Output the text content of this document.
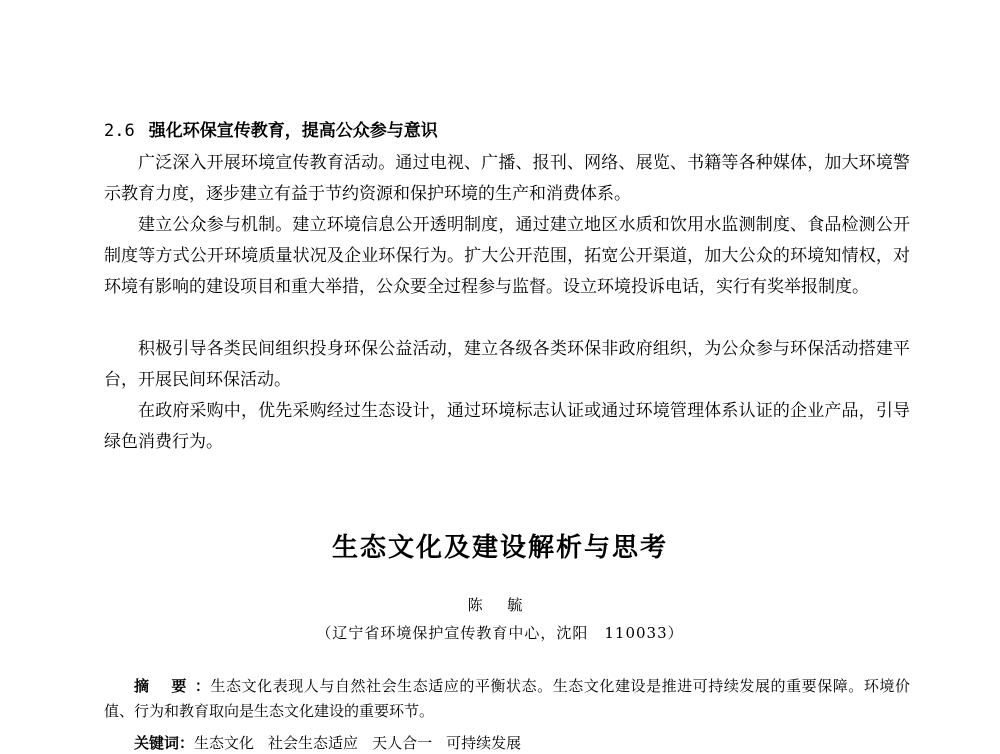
2.6 强化环保宣传教育，提高公众参与意识

广泛深入开展环境宣传教育活动。通过电视、广播、报刊、网络、展览、书籍等各种媒体，加大环境警示教育力度，逐步建立有益于节约资源和保护环境的生产和消费体系。

建立公众参与机制。建立环境信息公开透明制度，通过建立地区水质和饮用水监测制度、食品检测公开制度等方式公开环境质量状况及企业环保行为。扩大公开范围，拓宽公开渠道，加大公众的环境知情权，对环境有影响的建设项目和重大举措，公众要全过程参与监督。设立环境投诉电话，实行有奖举报制度。

积极引导各类民间组织投身环保公益活动，建立各级各类环保非政府组织，为公众参与环保活动搭建平台，开展民间环保活动。

在政府采购中，优先采购经过生态设计，通过环境标志认证或通过环境管理体系认证的企业产品，引导绿色消费行为。

生态文化及建设解析与思考
陈 毓
（辽宁省环境保护宣传教育中心，沈阳　110033）
摘 要：生态文化表现人与自然社会生态适应的平衡状态。生态文化建设是推进可持续发展的重要保障。环境价值、行为和教育取向是生态文化建设的重要环节。
关键词：生态文化 社会生态适应 天人合一 可持续发展
